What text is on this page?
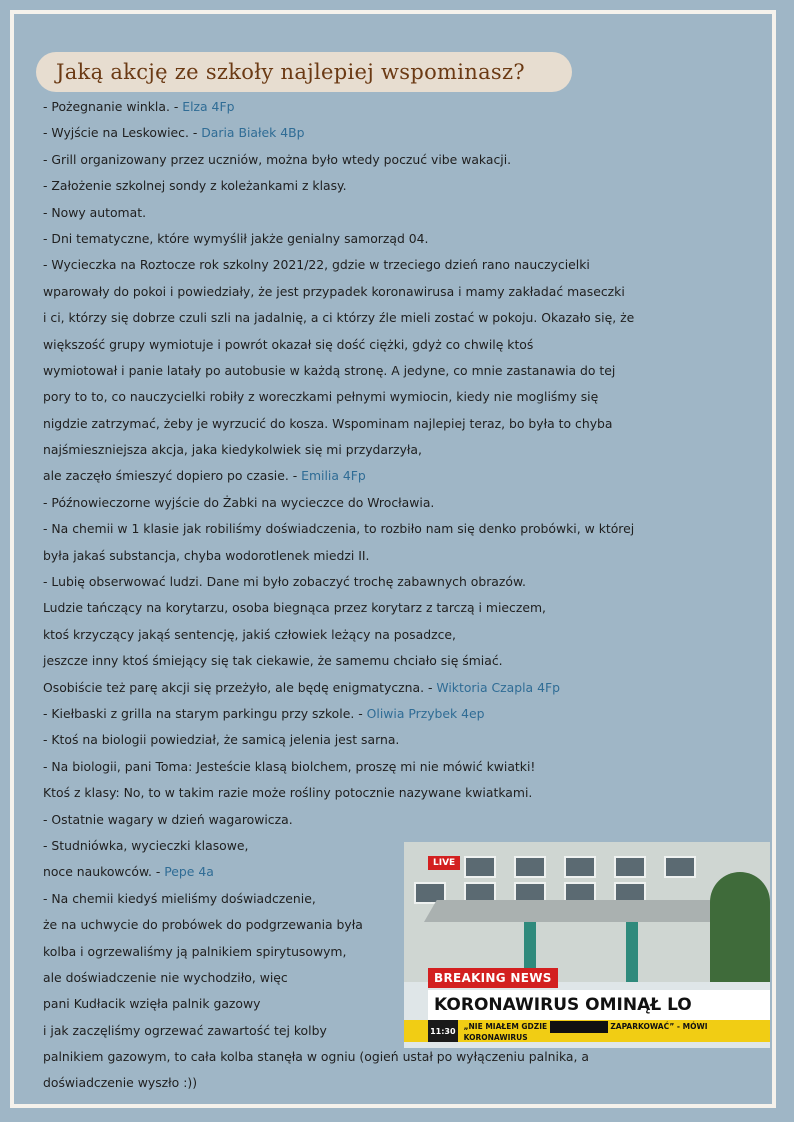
Jaką akcję ze szkoły najlepiej wspominasz?
- Pożegnanie winkla. - Elza 4Fp
- Wyjście na Leskowiec. - Daria Białek 4Bp
- Grill organizowany przez uczniów, można było wtedy poczuć vibe wakacji.
- Założenie szkolnej sondy z koleżankami z klasy.
- Nowy automat.
- Dni tematyczne, które wymyślił jakże genialny samorząd 04.
- Wycieczka na Roztocze rok szkolny 2021/22, gdzie w trzeciego dzień rano nauczycielki
wparowały do pokoi i powiedziały, że jest przypadek koronawirusa i mamy zakładać maseczki
i ci, którzy się dobrze czuli szli na jadalnię, a ci którzy źle mieli zostać w pokoju. Okazało się, że
większość grupy wymiotuje i powrót okazał się dość ciężki, gdyż co chwilę ktoś
wymiotował i panie latały po autobusie w każdą stronę. A jedyne, co mnie zastanawia do tej
pory to to, co nauczycielki robiły z woreczkami pełnymi wymiocin, kiedy nie mogliśmy się
nigdzie zatrzymać, żeby je wyrzucić do kosza. Wspominam najlepiej teraz, bo była to chyba
najśmieszniejsza akcja, jaka kiedykolwiek się mi przydarzyła,
ale zaczęło śmieszyć dopiero po czasie. - Emilia 4Fp
- Późnowieczorne wyjście do Żabki na wycieczce do Wrocławia.
- Na chemii w 1 klasie jak robiliśmy doświadczenia, to rozbiło nam się denko probówki, w której
była jakaś substancja, chyba wodorotlenek miedzi II.
- Lubię obserwować ludzi. Dane mi było zobaczyć trochę zabawnych obrazów.
Ludzie tańczący na korytarzu, osoba biegnąca przez korytarz z tarczą i mieczem,
ktoś krzyczący jakąś sentencję, jakiś człowiek leżący na posadzce,
jeszcze inny ktoś śmiejący się tak ciekawie, że samemu chciało się śmiać.
Osobiście też parę akcji się przeżyło, ale będę enigmatyczna. - Wiktoria Czapla 4Fp
- Kiełbaski z grilla na starym parkingu przy szkole. - Oliwia Przybek 4ep
- Ktoś na biologii powiedział, że samicą jelenia jest sarna.
- Na biologii, pani Toma: Jesteście klasą biolchem, proszę mi nie mówić kwiatki!
Ktoś z klasy: No, to w takim razie może rośliny potocznie nazywane kwiatkami.
- Ostatnie wagary w dzień wagarowicza.
- Studniówka, wycieczki klasowe,
noce naukowców. - Pepe 4a
- Na chemii kiedyś mieliśmy doświadczenie,
że na uchwycie do probówek do podgrzewania była
kolba i ogrzewaliśmy ją palnikiem spirytusowym,
ale doświadczenie nie wychodziło, więc
pani Kudłacik wzięła palnik gazowy
i jak zaczęliśmy ogrzewać zawartość tej kolby
palnikiem gazowym, to cała kolba stanęła w ogniu (ogień ustał po wyłączeniu palnika, a
doświadczenie wyszło :))
LIVE
BREAKING NEWS
KORONAWIRUS OMINĄŁ LO
11:30
„NIE MIAŁEM GDZIE	ZAPARKOWAĆ” - MÓWI KORONAWIRUS
